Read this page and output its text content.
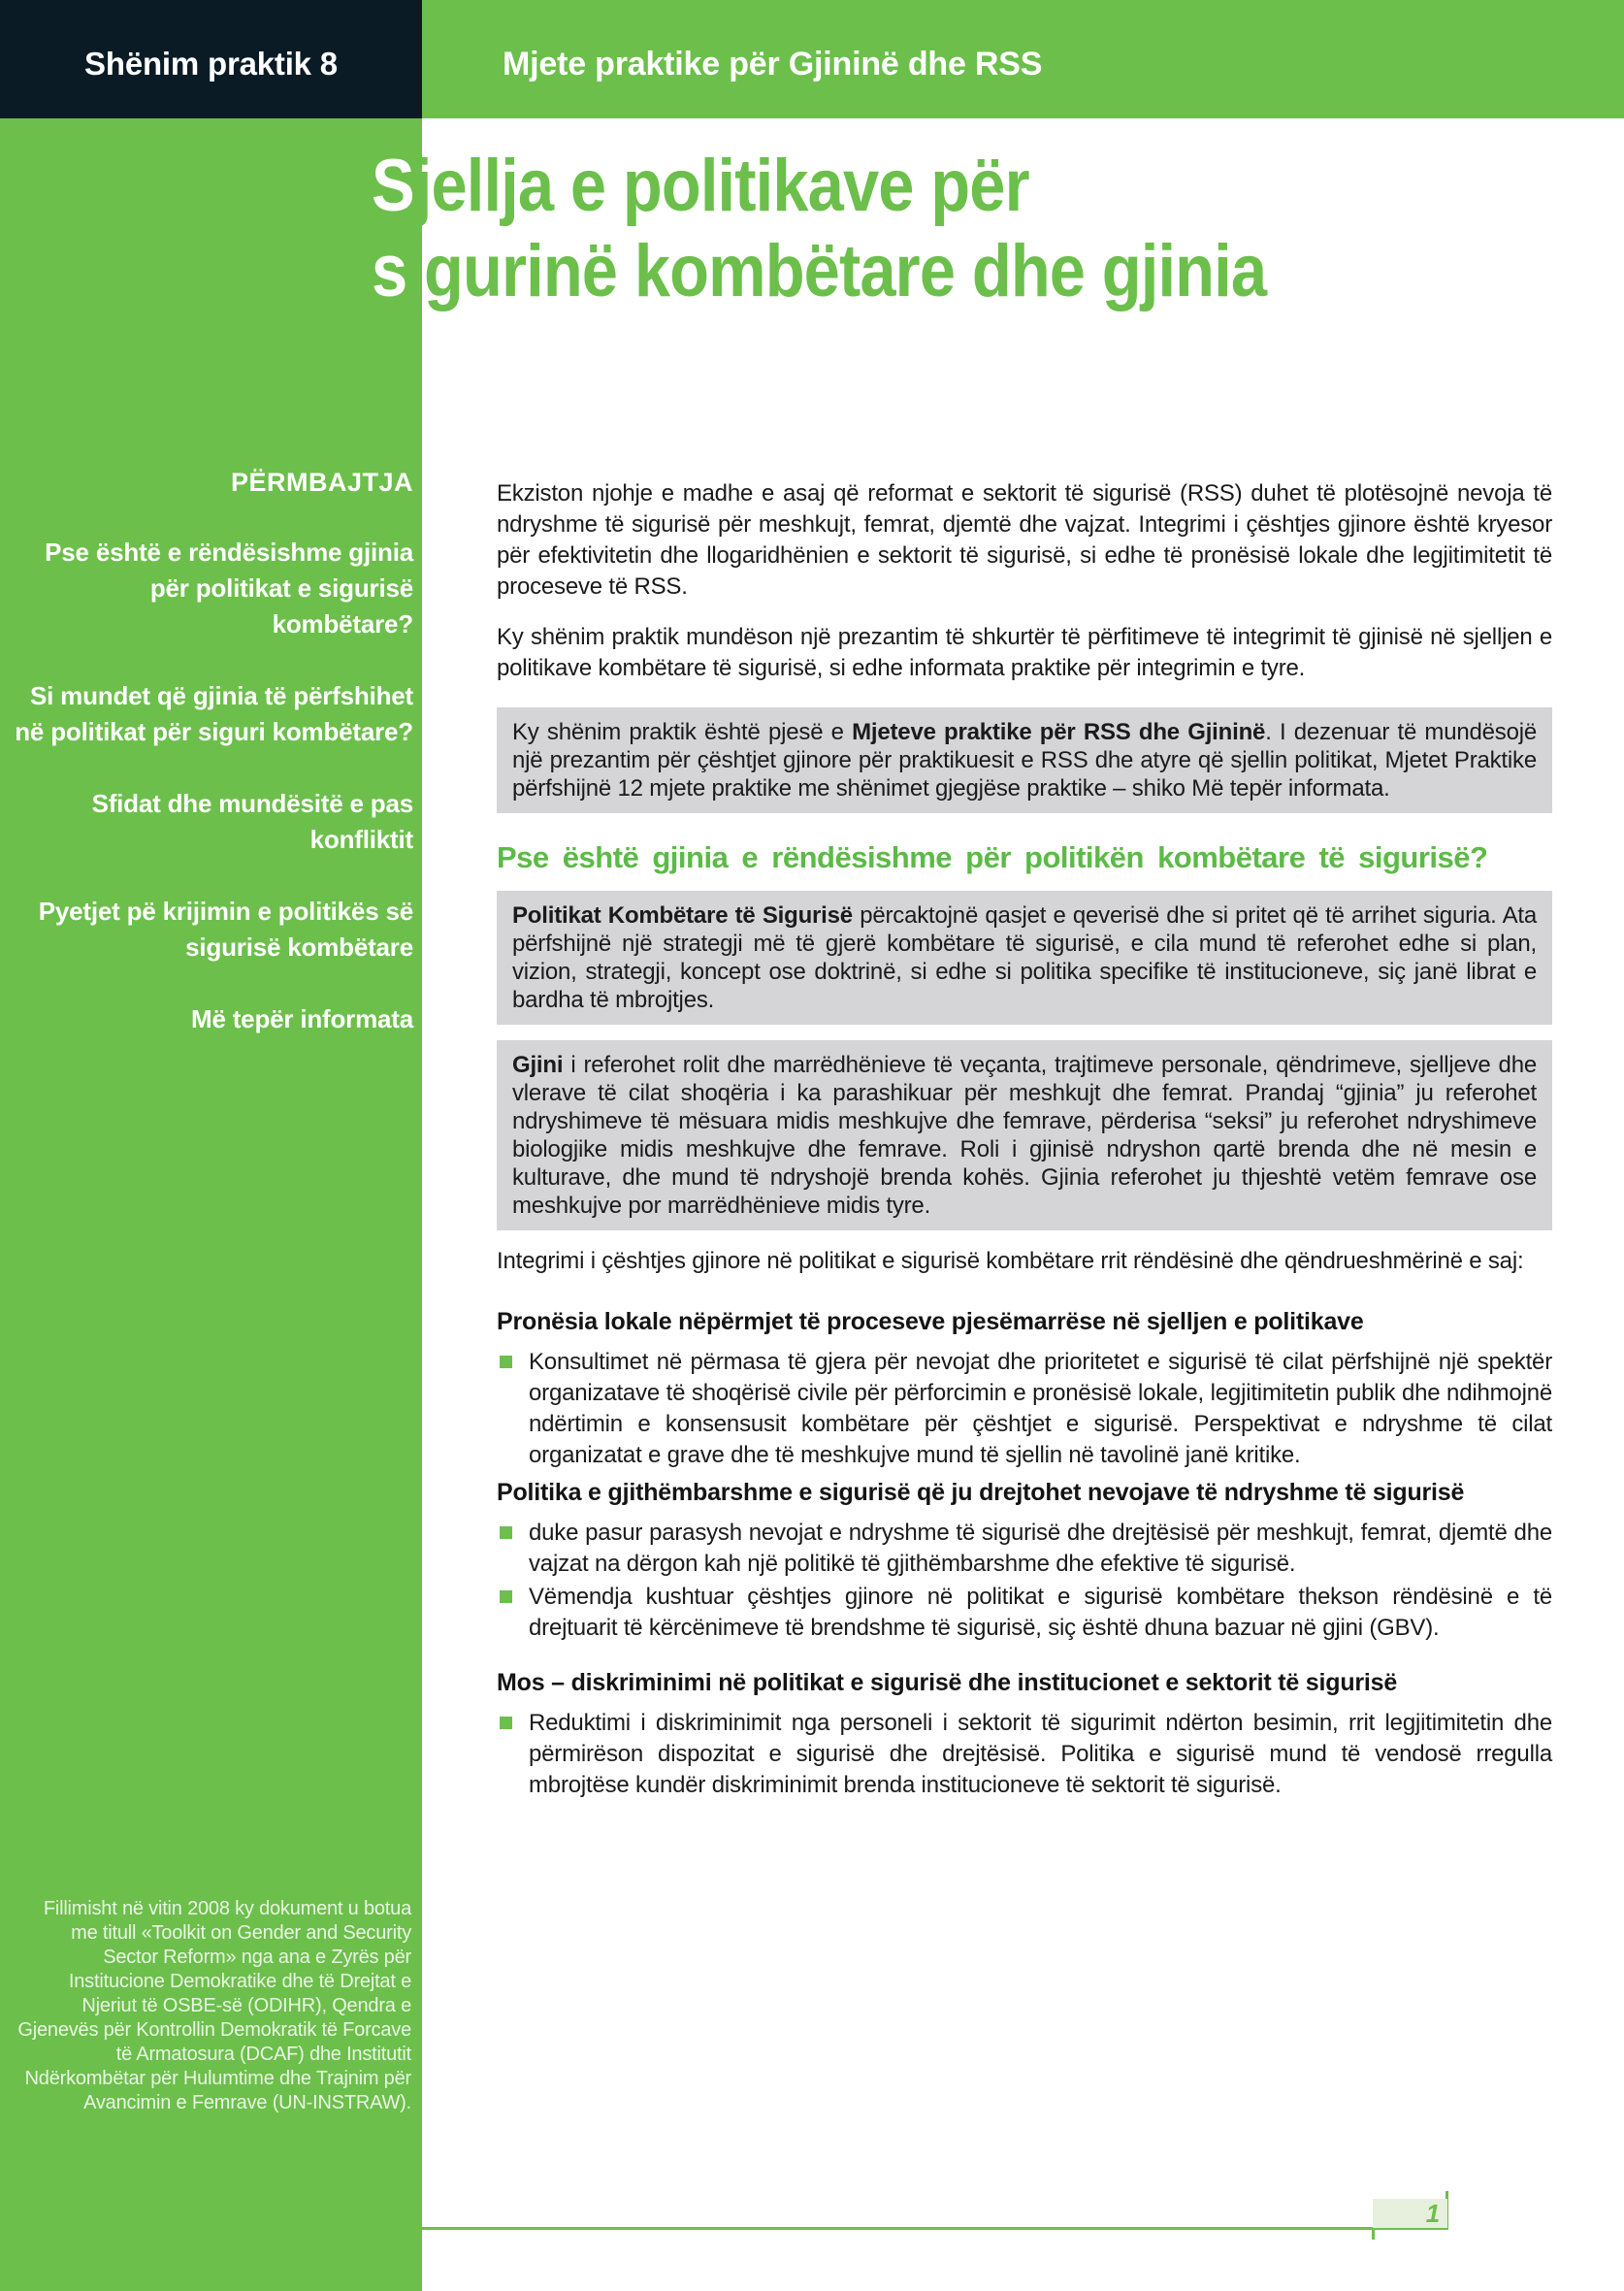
Shënim praktik 8	Mjete praktike për Gjininë dhe RSS
PËRMBAJTJA
Pse është e rëndësishme gjinia për politikat e sigurisë kombëtare?
Si mundet që gjinia të përfshihet në politikat për siguri kombëtare?
Sfidat dhe mundësitë e pas konfliktit
Pyetjet pë krijimin e politikës së sigurisë kombëtare
Më tepër informata
Fillimisht në vitin 2008 ky dokument u botua me titull «Toolkit on Gender and Security Sector Reform» nga ana e Zyrës për Institucione Demokratike dhe të Drejtat e Njeriut të OSBE-së (ODIHR), Qendra e Gjenevës për Kontrollin Demokratik të Forcave të Armatosura (DCAF) dhe Institutit Ndërkombëtar për Hulumtime dhe Trajnim për Avancimin e Femrave (UN-INSTRAW).
Sjellja e politikave për
sigurinë kombëtare dhe gjinia

Ekziston njohje e madhe e asaj që reformat e sektorit të sigurisë (RSS) duhet të plotësojnë nevoja të ndryshme të sigurisë për meshkujt, femrat, djemtë dhe vajzat. Integrimi i çështjes gjinore është kryesor për efektivitetin dhe llogaridhënien e sektorit të sigurisë, si edhe të pronësisë lokale dhe legjitimitetit të proceseve të RSS.

Ky shënim praktik mundëson një prezantim të shkurtër të përfitimeve të integrimit të gjinisë në sjelljen e politikave kombëtare të sigurisë, si edhe informata praktike për integrimin e tyre.

Ky shënim praktik është pjesë e Mjeteve praktike për RSS dhe Gjininë. I dezenuar të mundësojë një prezantim për çështjet gjinore për praktikuesit e RSS dhe atyre që sjellin politikat, Mjetet Praktike përfshijnë 12 mjete praktike me shënimet gjegjëse praktike – shiko Më tepër informata.
Pse është gjinia e rëndësishme për politikën kombëtare të sigurisë?
Politikat Kombëtare të Sigurisë përcaktojnë qasjet e qeverisë dhe si pritet që të arrihet siguria. Ata përfshijnë një strategji më të gjerë kombëtare të sigurisë, e cila mund të referohet edhe si plan, vizion, strategji, koncept ose doktrinë, si edhe si politika specifike të institucioneve, siç janë librat e bardha të mbrojtjes.
Gjini i referohet rolit dhe marrëdhënieve të veçanta, trajtimeve personale, qëndrimeve, sjelljeve dhe vlerave të cilat shoqëria i ka parashikuar për meshkujt dhe femrat. Prandaj “gjinia” ju referohet ndryshimeve të mësuara midis meshkujve dhe femrave, përderisa “seksi” ju referohet ndryshimeve biologjike midis meshkujve dhe femrave. Roli i gjinisë ndryshon qartë brenda dhe në mesin e kulturave, dhe mund të ndryshojë brenda kohës. Gjinia referohet ju thjeshtë vetëm femrave ose meshkujve por marrëdhënieve midis tyre.

Integrimi i çështjes gjinore në politikat e sigurisë kombëtare rrit rëndësinë dhe qëndrueshmërinë e saj:

Pronësia lokale nëpërmjet të proceseve pjesëmarrëse në sjelljen e politikave
Konsultimet në përmasa të gjera për nevojat dhe prioritetet e sigurisë të cilat përfshijnë një spektër organizatave të shoqërisë civile për përforcimin e pronësisë lokale, legjitimitetin publik dhe ndihmojnë ndërtimin e konsensusit kombëtare për çështjet e sigurisë. Perspektivat e ndryshme të cilat organizatat e grave dhe të meshkujve mund të sjellin në tavolinë janë kritike.
Politika e gjithëmbarshme e sigurisë që ju drejtohet nevojave të ndryshme të sigurisë
duke pasur parasysh nevojat e ndryshme të sigurisë dhe drejtësisë për meshkujt, femrat, djemtë dhe vajzat na dërgon kah një politikë të gjithëmbarshme dhe efektive të sigurisë.
Vëmendja kushtuar çështjes gjinore në politikat e sigurisë kombëtare thekson rëndësinë e të drejtuarit të kërcënimeve të brendshme të sigurisë, siç është dhuna bazuar në gjini (GBV).
Mos – diskriminimi në politikat e sigurisë dhe institucionet e sektorit të sigurisë
Reduktimi i diskriminimit nga personeli i sektorit të sigurimit ndërton besimin, rrit legjitimitetin dhe përmirëson dispozitat e sigurisë dhe drejtësisë. Politika e sigurisë mund të vendosë rregulla mbrojtëse kundër diskriminimit brenda institucioneve të sektorit të sigurisë.
1
